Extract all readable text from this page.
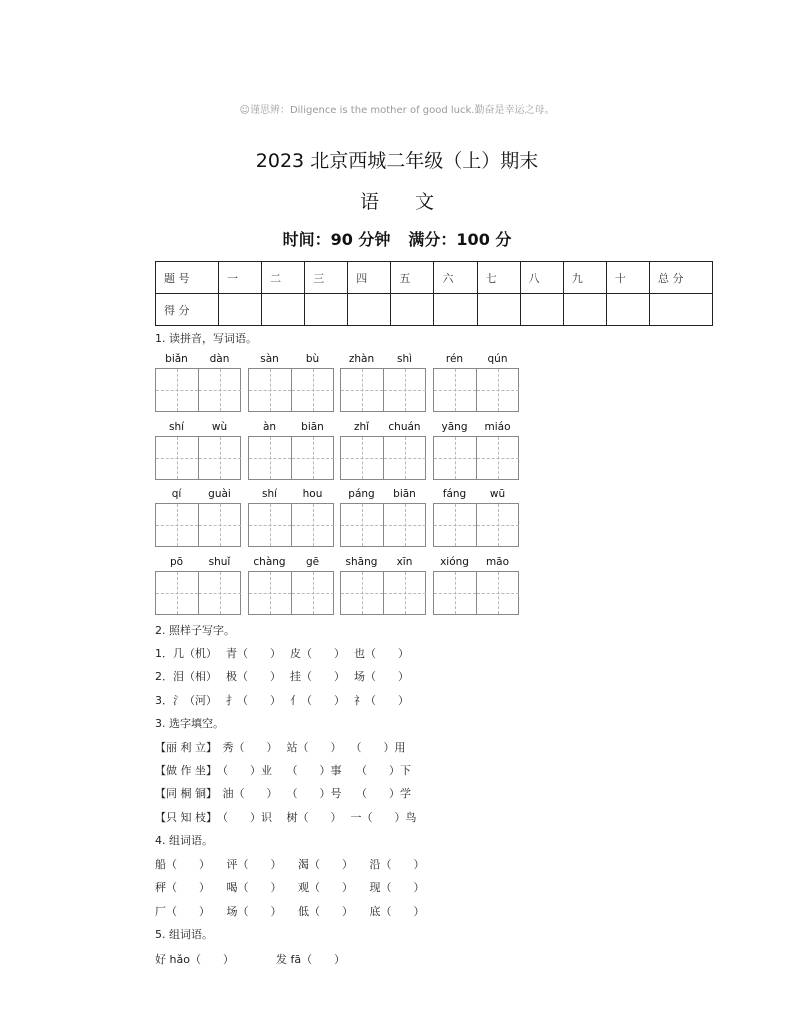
☺谨思辨：Diligence is the mother of good luck.勤奋是幸运之母。
2023 北京西城二年级（上）期末
语文
时间：90 分钟 满分：100 分
题 号	一	二	三	四	五	六	七	八	九	十	总 分
得 分											
1. 读拼音，写词语。
biǎn	dàn	sàn	bù	zhàn	shì	rén	qún
shí	wù	àn	biān	zhǐ	chuán	yāng	miáo
qí	guài	shí	hou	páng	biān	fáng	wū
pō	shuǐ	chàng	gē	shāng	xīn	xióng	māo
2. 照样子写字。
1．几（机）　 青（　　）　 皮（　　）　 也（　　）
2．泪（相）　 极（　　）　 挂（　　）　 场（　　）
3．氵（河）　 扌（　　）　 亻（　　）　 礻（　　）
3. 选字填空。
【丽 利 立】　秀（　　）　 站（　　）　 （　　）用
【做 作 坐】　（　　）业　 （　　）事　 （　　）下
【同 桐 铜】　油（　　）　 （　　）号　 （　　）学
【只 知 枝】　（　　）识　 树（　　）　 一（　　）鸟
4. 组词语。
船（　　）　　评（　　）　　渴（　　）　　沿（　　）
秤（　　）　　喝（　　）　　观（　　）　　现（　　）
厂（　　）　　场（　　）　　低（　　）　　底（　　）
5. 组词语。
好 hǎo（　　）	发 fā（　　）
